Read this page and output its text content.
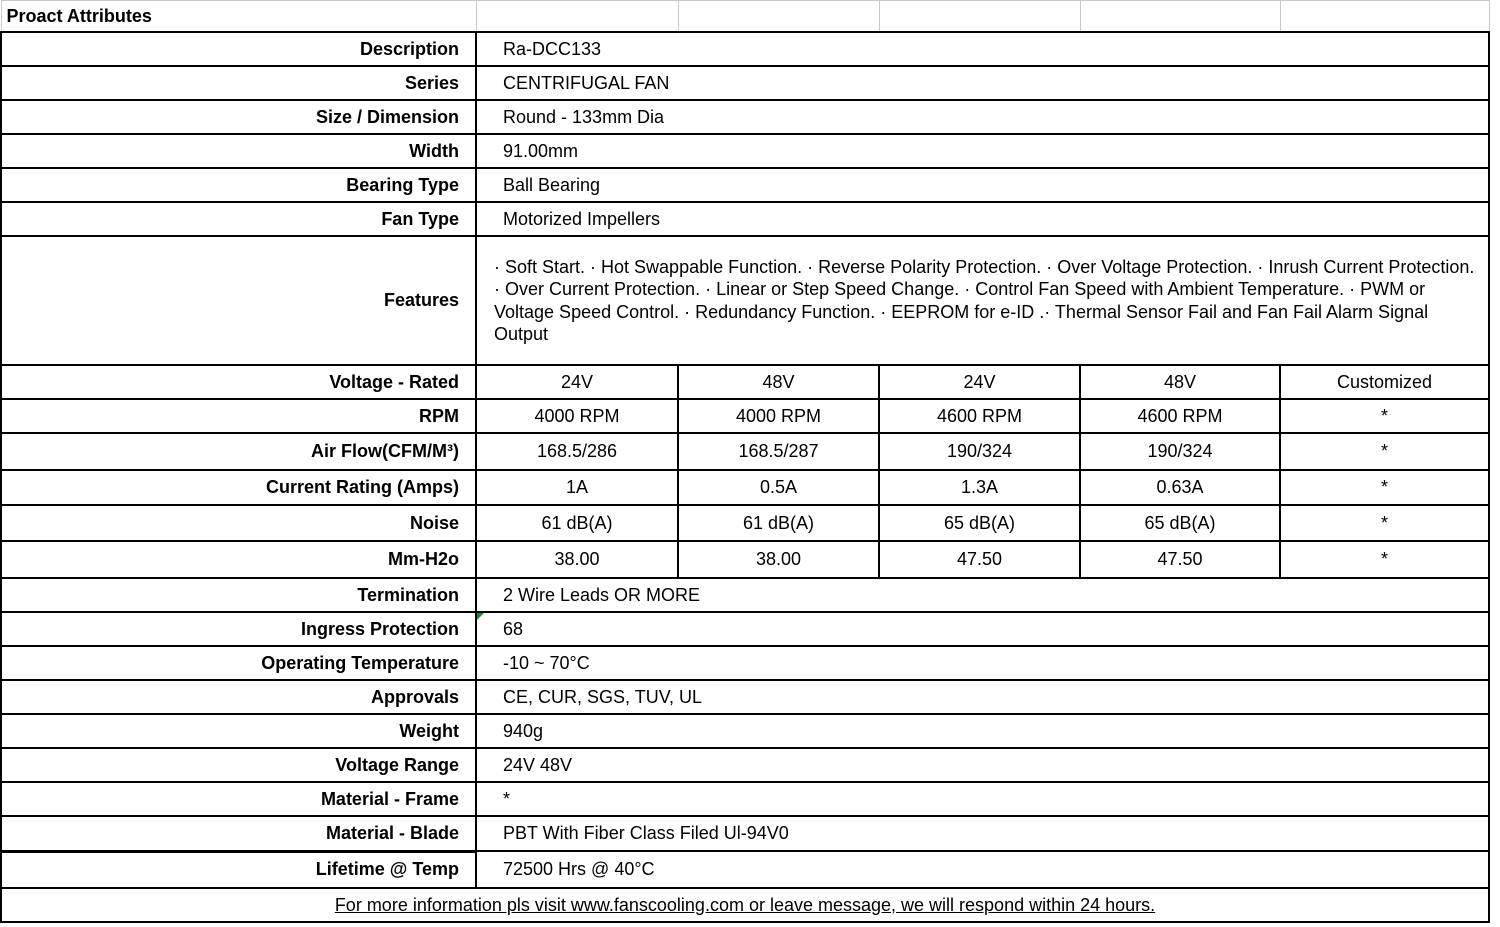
Proact Attributes					
Description	Ra-DCC133				
Series	CENTRIFUGAL FAN				
Size / Dimension	Round - 133mm Dia				
Width	91.00mm				
Bearing Type	Ball Bearing				
Fan Type	Motorized Impellers				
Features	· Soft Start. · Hot Swappable Function. · Reverse Polarity Protection. · Over Voltage Protection. · Inrush Current Protection. · Over Current Protection. · Linear or Step Speed Change. · Control Fan Speed with Ambient Temperature. · PWM or Voltage Speed Control. · Redundancy Function. · EEPROM for e-ID .· Thermal Sensor Fail and Fan Fail Alarm Signal Output				
Voltage - Rated	24V	48V	24V	48V	Customized
RPM	4000 RPM	4000 RPM	4600 RPM	4600 RPM	*
Air Flow(CFM/M³)	168.5/286	168.5/287	190/324	190/324	*
Current Rating (Amps)	1A	0.5A	1.3A	0.63A	*
Noise	61 dB(A)	61 dB(A)	65 dB(A)	65 dB(A)	*
Mm-H2o	38.00	38.00	47.50	47.50	*
Termination	2 Wire Leads OR MORE				
Ingress Protection	68				
Operating Temperature	-10 ~ 70°C				
Approvals	CE, CUR, SGS, TUV, UL				
Weight	940g				
Voltage Range	24V 48V				
Material - Frame	*				
Material - Blade	PBT With Fiber Class Filed Ul-94V0				
Lifetime @ Temp	72500 Hrs @ 40°C				
For more information pls visit www.fanscooling.com or leave message, we will respond within 24 hours.					
